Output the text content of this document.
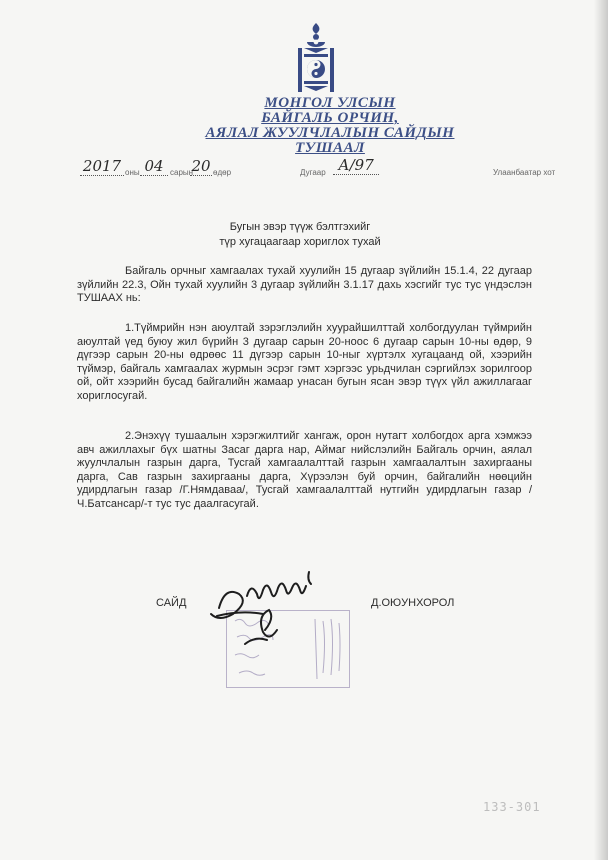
МОНГОЛ УЛСЫН
БАЙГАЛЬ ОРЧИН,
АЯЛАЛ ЖУУЛЧЛАЛЫН САЙДЫН
ТУШААЛ
2017 оны 04 сарын
20 өдөр	Дугаар А/97	Улаанбаатар хот
Бугын эвэр түүж бэлтгэхийг
түр хугацаагаар хориглох тухай

Байгаль орчныг хамгаалах тухай хуулийн 15 дугаар зүйлийн 15.1.4, 22 дугаар зүйлийн 22.3, Ойн тухай хуулийн 3 дугаар зүйлийн 3.1.17 дахь хэсгийг тус тус үндэслэн ТУШААХ нь:

1.Түймрийн нэн аюултай зэрэглэлийн хуурайшилттай холбогдуулан түймрийн аюултай үед буюу жил бүрийн 3 дугаар сарын 20-ноос 6 дугаар сарын 10-ны өдөр, 9 дүгээр сарын 20-ны өдрөөс 11 дүгээр сарын 10-ныг хүртэлх хугацаанд ой, хээрийн түймэр, байгаль хамгаалах журмын эсрэг гэмт хэргээс урьдчилан сэргийлэх зорилгоор ой, ойт хээрийн бусад байгалийн жамаар унасан бугын ясан эвэр түүх үйл ажиллагааг хориглосугай.

2.Энэхүү тушаалын хэрэгжилтийг хангаж, орон нутагт холбогдох арга хэмжээ авч ажиллахыг бүх шатны Засаг дарга нар, Аймаг нийслэлийн Байгаль орчин, аялал жуулчлалын газрын дарга, Тусгай хамгаалалттай газрын хамгаалалтын захиргааны дарга, Сав газрын захиргааны дарга, Хүрээлэн буй орчин, байгалийн нөөцийн удирдлагын газар /Г.Нямдаваа/, Тусгай хамгаалалттай нутгийн удирдлагын газар /Ч.Батсансар/-т тус тус даалгасугай.

САЙД	Д.ОЮУНХОРОЛ
133-301
